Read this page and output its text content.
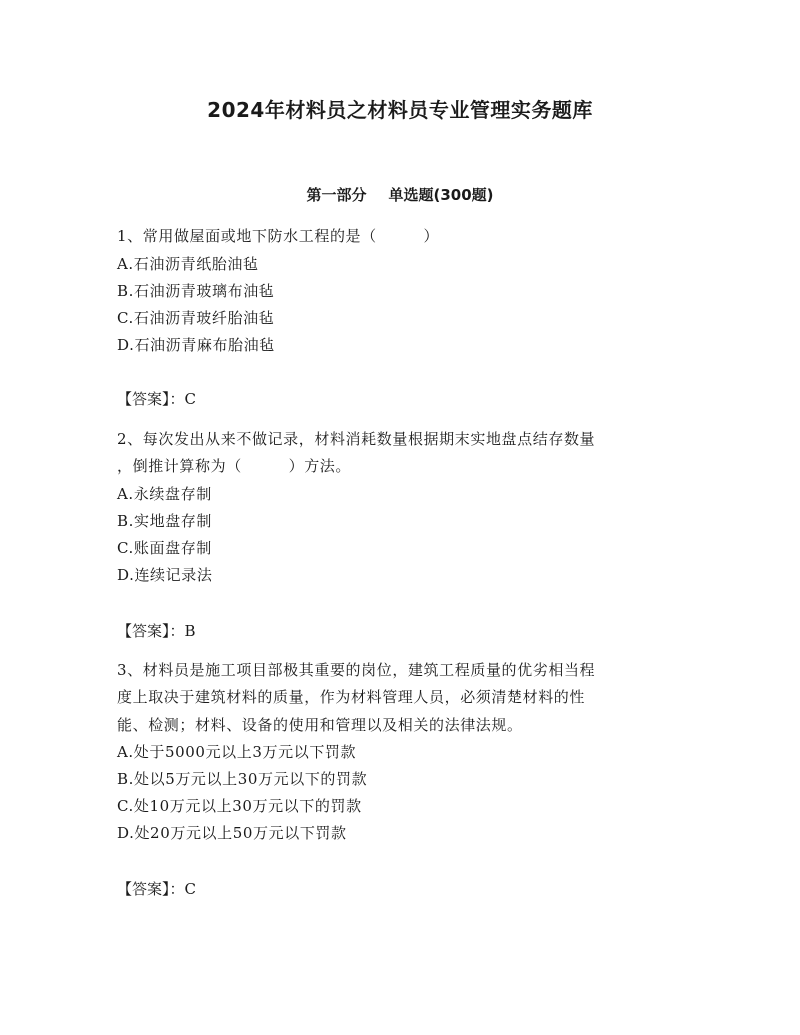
2024年材料员之材料员专业管理实务题库
第一部分 单选题(300题)
1、常用做屋面或地下防水工程的是（　　　）
A.石油沥青纸胎油毡
B.石油沥青玻璃布油毡
C.石油沥青玻纤胎油毡
D.石油沥青麻布胎油毡
【答案】：C
2、每次发出从来不做记录，材料消耗数量根据期末实地盘点结存数量
，倒推计算称为（　　　）方法。
A.永续盘存制
B.实地盘存制
C.账面盘存制
D.连续记录法
【答案】：B
3、材料员是施工项目部极其重要的岗位，建筑工程质量的优劣相当程
度上取决于建筑材料的质量，作为材料管理人员，必须清楚材料的性
能、检测；材料、设备的使用和管理以及相关的法律法规。
A.处于5000元以上3万元以下罚款
B.处以5万元以上30万元以下的罚款
C.处10万元以上30万元以下的罚款
D.处20万元以上50万元以下罚款
【答案】：C
